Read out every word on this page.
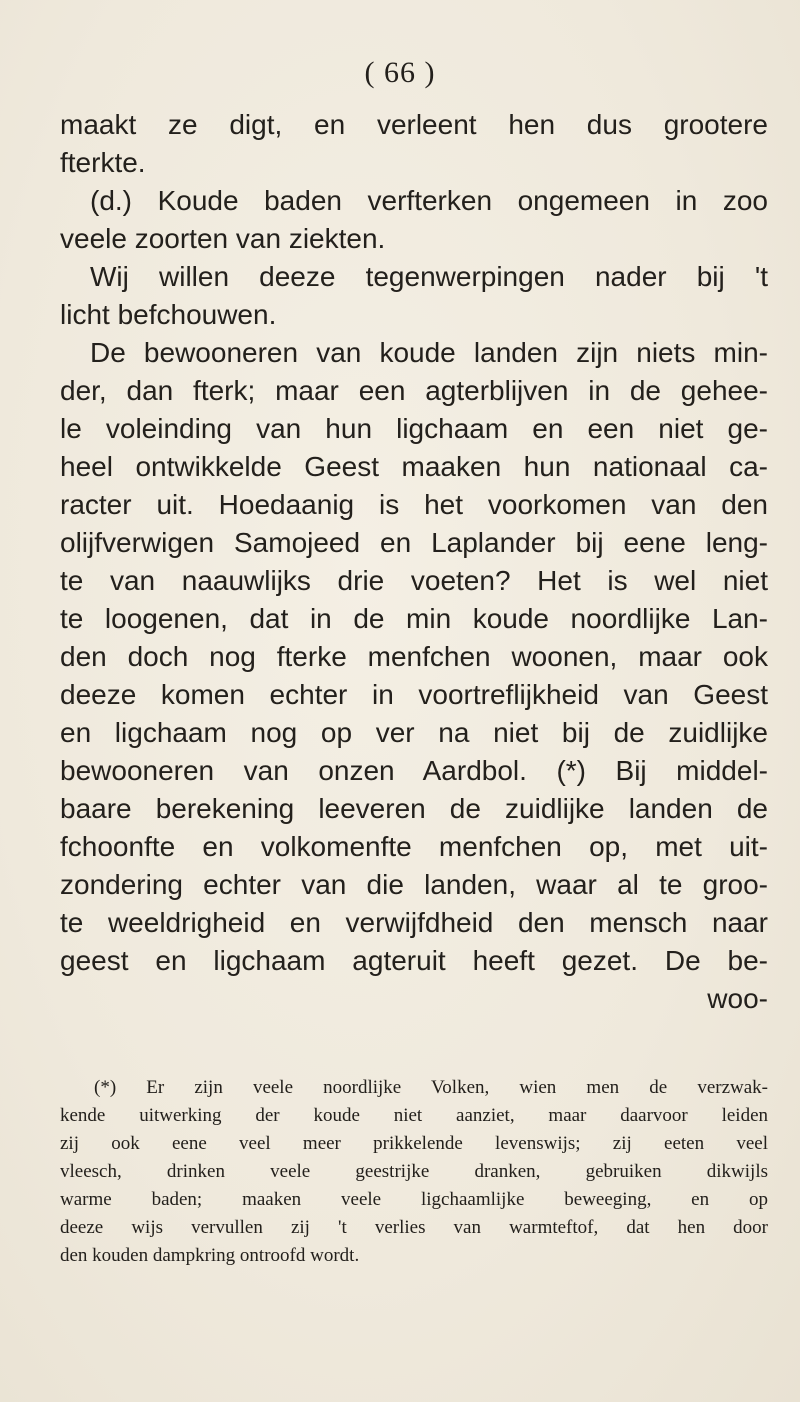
( 66 )
maakt ze digt, en verleent hen dus grootere
fterkte.
(d.) Koude baden verfterken ongemeen in zoo
veele zoorten van ziekten.
Wij willen deeze tegenwerpingen nader bij 't
licht befchouwen.
De bewooneren van koude landen zijn niets min-
der, dan fterk; maar een agterblijven in de gehee-
le voleinding van hun ligchaam en een niet ge-
heel ontwikkelde Geest maaken hun nationaal ca-
racter uit. Hoedaanig is het voorkomen van den
olijfverwigen Samojeed en Laplander bij eene leng-
te van naauwlijks drie voeten? Het is wel niet
te loogenen, dat in de min koude noordlijke Lan-
den doch nog fterke menfchen woonen, maar ook
deeze komen echter in voortreflijkheid van Geest
en ligchaam nog op ver na niet bij de zuidlijke
bewooneren van onzen Aardbol. (*) Bij middel-
baare berekening leeveren de zuidlijke landen de
fchoonfte en volkomenfte menfchen op, met uit-
zondering echter van die landen, waar al te groo-
te weeldrigheid en verwijfdheid den mensch naar
geest en ligchaam agteruit heeft gezet. De be-
woo-
(*) Er zijn veele noordlijke Volken, wien men de verzwak-
kende uitwerking der koude niet aanziet, maar daarvoor leiden
zij ook eene veel meer prikkelende levenswijs; zij eeten veel
vleesch, drinken veele geestrijke dranken, gebruiken dikwijls
warme baden; maaken veele ligchaamlijke beweeging, en op
deeze wijs vervullen zij 't verlies van warmteftof, dat hen door
den kouden dampkring ontroofd wordt.
